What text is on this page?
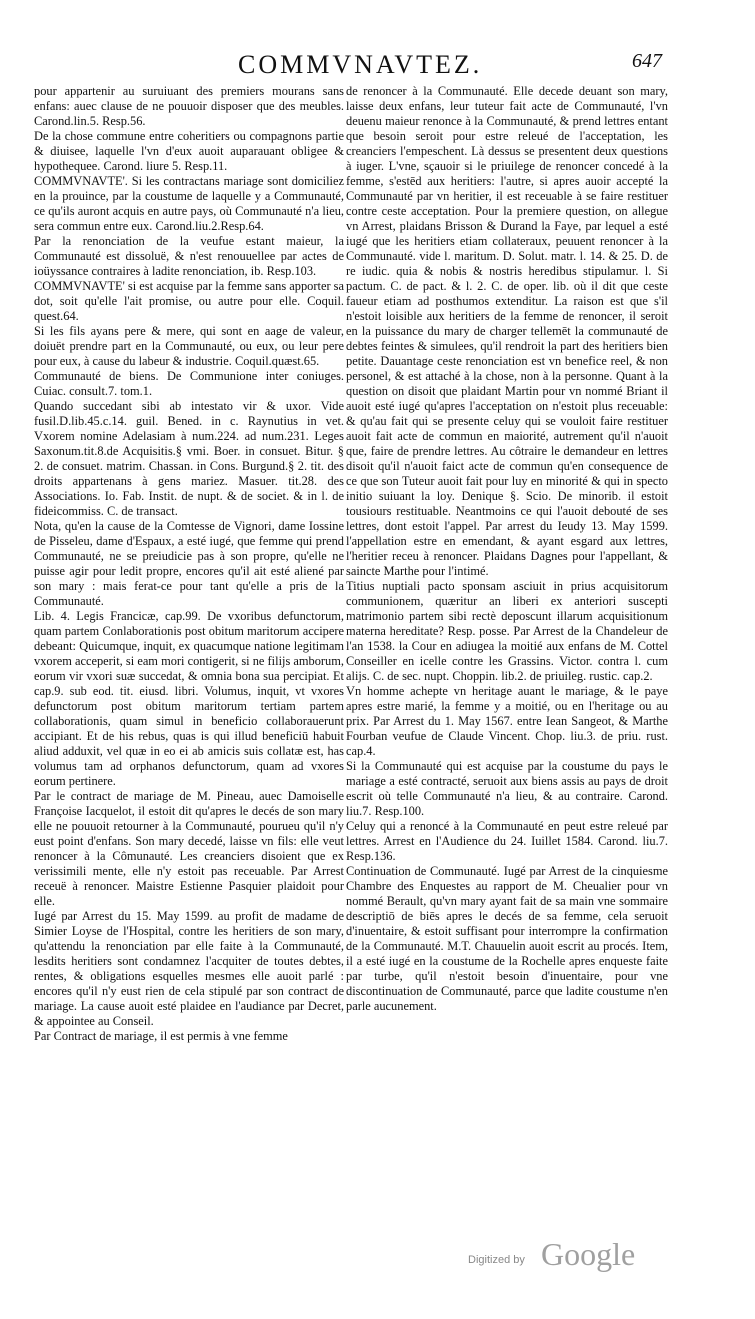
COMMVNAVTEZ.	647

pour appartenir au suruiuant des premiers mourans sans enfans: auec clause de ne pouuoir disposer que des meubles. Carond.lin.5. Resp.56.

De la chose commune entre coheritiers ou compagnons partie & diuisee, laquelle l'vn d'eux auoit auparauant obligee & hypothequee. Carond. liure 5. Resp.11.

COMMVNAVTE'. Si les contractans mariage sont domiciliez en la prouince, par la coustume de laquelle y a Communauté, ce qu'ils auront acquis en autre pays, où Communauté n'a lieu, sera commun entre eux. Carond.liu.2.Resp.64.

Par la renonciation de la veufue estant maieur, la Communauté est dissoluë, & n'est renouuellee par actes de ioüyssance contraires à ladite renonciation, ib. Resp.103.

COMMVNAVTE' si est acquise par la femme sans apporter sa dot, soit qu'elle l'ait promise, ou autre pour elle. Coquil. quest.64.

Si les fils ayans pere & mere, qui sont en aage de valeur, doiuët prendre part en la Communauté, ou eux, ou leur pere pour eux, à cause du labeur & industrie. Coquil.quæst.65.

Communauté de biens. De Communione inter coniuges. Cuiac. consult.7. tom.1.

Quando succedant sibi ab intestato vir & uxor. Vide fusil.D.lib.45.c.14. guil. Bened. in c. Raynutius in vet. Vxorem nomine Adelasiam à num.224. ad num.231. Leges Saxonum.tit.8.de Acquisitis.§ vmi. Boer. in consuet. Bitur. § 2. de consuet. matrim. Chassan. in Cons. Burgund.§ 2. tit. des droits appartenans à gens mariez. Masuer. tit.28. des Associations. Io. Fab. Instit. de nupt. & de societ. & in l. de fideicommiss. C. de transact.

Nota, qu'en la cause de la Comtesse de Vignori, dame Iossine de Pisseleu, dame d'Espaux, a esté iugé, que femme qui prend Communauté, ne se preiudicie pas à son propre, qu'elle ne puisse agir pour ledit propre, encores qu'il ait esté aliené par son mary : mais ferat-ce pour tant qu'elle a pris de la Communauté.

Lib. 4. Legis Francicæ, cap.99. De vxoribus defunctorum, quam partem Conlaborationis post obitum maritorum accipere debeant: Quicumque, inquit, ex quacumque natione legitimam vxorem acceperit, si eam mori contigerit, si ne filijs amborum, eorum vir vxori suæ succedat, & omnia bona sua percipiat. Et cap.9. sub eod. tit. eiusd. libri. Volumus, inquit, vt vxores defunctorum post obitum maritorum tertiam partem collaborationis, quam simul in beneficio collaborauerunt accipiant. Et de his rebus, quas is qui illud beneficiū habuit aliud adduxit, vel quæ in eo ei ab amicis suis collatæ est, has volumus tam ad orphanos defunctorum, quam ad vxores eorum pertinere.

Par le contract de mariage de M. Pineau, auec Damoiselle Françoise Iacquelot, il estoit dit qu'apres le decés de son mary elle ne pouuoit retourner à la Communauté, pourueu qu'il n'y eust point d'enfans. Son mary decedé, laisse vn fils: elle veut renoncer à la Cômunauté. Les creanciers disoient que ex verissimili mente, elle n'y estoit pas receuable. Par Arrest receuë à renoncer. Maistre Estienne Pasquier plaidoit pour elle.

Iugé par Arrest du 15. May 1599. au profit de madame de Simier Loyse de l'Hospital, contre les heritiers de son mary, qu'attendu la renonciation par elle faite à la Communauté, lesdits heritiers sont condamnez l'acquiter de toutes debtes, rentes, & obligations esquelles mesmes elle auoit parlé : encores qu'il n'y eust rien de cela stipulé par son contract de mariage. La cause auoit esté plaidee en l'audiance par Decret, & appointee au Conseil.

Par Contract de mariage, il est permis à vne femme

de renoncer à la Communauté. Elle decede deuant son mary, laisse deux enfans, leur tuteur fait acte de Communauté, l'vn deuenu maieur renonce à la Communauté, & prend lettres entant que besoin seroit pour estre releué de l'acceptation, les creanciers l'empeschent. Là dessus se presentent deux questions à iuger. L'vne, sçauoir si le priuilege de renoncer concedé à la femme, s'estēd aux heritiers: l'autre, si apres auoir accepté la Communauté par vn heritier, il est receuable à se faire restituer contre ceste acceptation. Pour la premiere question, on allegue vn Arrest, plaidans Brisson & Durand la Faye, par lequel a esté iugé que les heritiers etiam collateraux, peuuent renoncer à la Communauté. vide l. maritum. D. Solut. matr. l. 14. & 25. D. de re iudic. quia & nobis & nostris heredibus stipulamur. l. Si pactum. C. de pact. & l. 2. C. de oper. lib. où il dit que ceste faueur etiam ad posthumos extenditur. La raison est que s'il n'estoit loisible aux heritiers de la femme de renoncer, il seroit en la puissance du mary de charger tellemēt la communauté de debtes feintes & simulees, qu'il rendroit la part des heritiers bien petite. Dauantage ceste renonciation est vn benefice reel, & non personel, & est attaché à la chose, non à la personne. Quant à la question on disoit que plaidant Martin pour vn nommé Briant il auoit esté iugé qu'apres l'acceptation on n'estoit plus receuable: & qu'au fait qui se presente celuy qui se vouloit faire restituer auoit fait acte de commun en maiorité, autrement qu'il n'auoit que, faire de prendre lettres. Au côtraire le demandeur en lettres disoit qu'il n'auoit faict acte de commun qu'en consequence de ce que son Tuteur auoit fait pour luy en minorité & qui in specto initio suiuant la loy. Denique §. Scio. De minorib. il estoit tousiours restituable. Neantmoins ce qui l'auoit debouté de ses lettres, dont estoit l'appel. Par arrest du Ieudy 13. May 1599. l'appellation estre en emendant, & ayant esgard aux lettres, l'heritier receu à renoncer. Plaidans Dagnes pour l'appellant, & saincte Marthe pour l'intimé.

Titius nuptiali pacto sponsam asciuit in prius acquisitorum communionem, quæritur an liberi ex anteriori suscepti matrimonio partem sibi rectè deposcunt illarum acquisitionum materna hereditate? Resp. posse. Par Arrest de la Chandeleur de l'an 1538. la Cour en adiugea la moitié aux enfans de M. Cottel Conseiller en icelle contre les Grassins. Victor. contra l. cum alijs. C. de sec. nupt. Choppin. lib.2. de priuileg. rustic. cap.2.

Vn homme achepte vn heritage auant le mariage, & le paye apres estre marié, la femme y a moitié, ou en l'heritage ou au prix. Par Arrest du 1. May 1567. entre Iean Sangeot, & Marthe Fourban veufue de Claude Vincent. Chop. liu.3. de priu. rust. cap.4.

Si la Communauté qui est acquise par la coustume du pays le mariage a esté contracté, seruoit aux biens assis au pays de droit escrit où telle Communauté n'a lieu, & au contraire. Carond. liu.7. Resp.100.

Celuy qui a renoncé à la Communauté en peut estre releué par lettres. Arrest en l'Audience du 24. Iuillet 1584. Carond. liu.7. Resp.136.

Continuation de Communauté. Iugé par Arrest de la cinquiesme Chambre des Enquestes au rapport de M. Cheualier pour vn nommé Berault, qu'vn mary ayant fait de sa main vne sommaire descriptiō de biēs apres le decés de sa femme, cela seruoit d'inuentaire, & estoit suffisant pour interrompre la confirmation de la Communauté. M.T. Chauuelin auoit escrit au procés. Item, il a esté iugé en la coustume de la Rochelle apres enqueste faite par turbe, qu'il n'estoit besoin d'inuentaire, pour vne discontinuation de Communauté, parce que ladite coustume n'en parle aucunement.

Digitized by Google
